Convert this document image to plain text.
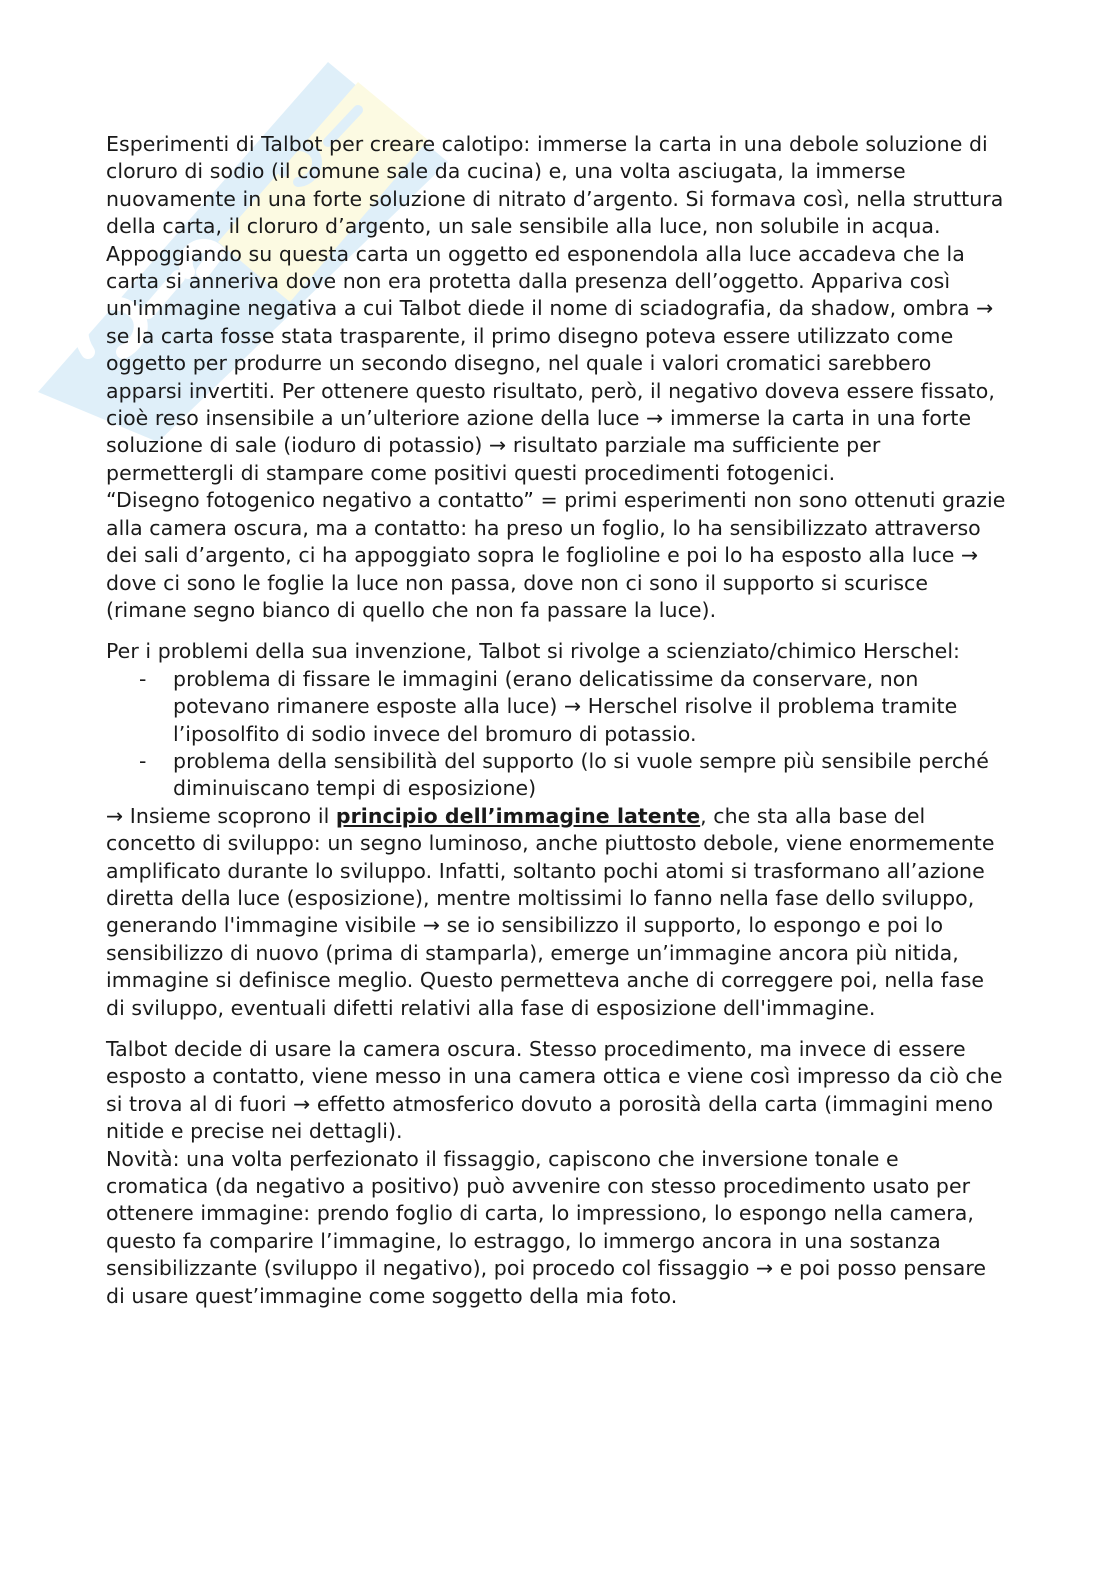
Esperimenti di Talbot per creare calotipo: immerse la carta in una debole soluzione di cloruro di sodio (il comune sale da cucina) e, una volta asciugata, la immerse nuovamente in una forte soluzione di nitrato d’argento. Si formava così, nella struttura della carta, il cloruro d’argento, un sale sensibile alla luce, non solubile in acqua. Appoggiando su questa carta un oggetto ed esponendola alla luce accadeva che la carta si anneriva dove non era protetta dalla presenza dell’oggetto. Appariva così un'immagine negativa a cui Talbot diede il nome di sciadografia, da shadow, ombra → se la carta fosse stata trasparente, il primo disegno poteva essere utilizzato come oggetto per produrre un secondo disegno, nel quale i valori cromatici sarebbero apparsi invertiti. Per ottenere questo risultato, però, il negativo doveva essere fissato, cioè reso insensibile a un’ulteriore azione della luce → immerse la carta in una forte soluzione di sale (ioduro di potassio) → risultato parziale ma sufficiente per permettergli di stampare come positivi questi procedimenti fotogenici.

“Disegno fotogenico negativo a contatto” = primi esperimenti non sono ottenuti grazie alla camera oscura, ma a contatto: ha preso un foglio, lo ha sensibilizzato attraverso dei sali d’argento, ci ha appoggiato sopra le foglioline e poi lo ha esposto alla luce → dove ci sono le foglie la luce non passa, dove non ci sono il supporto si scurisce (rimane segno bianco di quello che non fa passare la luce).

Per i problemi della sua invenzione, Talbot si rivolge a scienziato/chimico Herschel:

- problema di fissare le immagini (erano delicatissime da conservare, non potevano rimanere esposte alla luce) → Herschel risolve il problema tramite l’iposolfito di sodio invece del bromuro di potassio.
- problema della sensibilità del supporto (lo si vuole sempre più sensibile perché diminuiscano tempi di esposizione)

→ Insieme scoprono il principio dell’immagine latente, che sta alla base del concetto di sviluppo: un segno luminoso, anche piuttosto debole, viene enormemente amplificato durante lo sviluppo. Infatti, soltanto pochi atomi si trasformano all’azione diretta della luce (esposizione), mentre moltissimi lo fanno nella fase dello sviluppo, generando l'immagine visibile → se io sensibilizzo il supporto, lo espongo e poi lo sensibilizzo di nuovo (prima di stamparla), emerge un’immagine ancora più nitida, immagine si definisce meglio. Questo permetteva anche di correggere poi, nella fase di sviluppo, eventuali difetti relativi alla fase di esposizione dell'immagine.

Talbot decide di usare la camera oscura. Stesso procedimento, ma invece di essere esposto a contatto, viene messo in una camera ottica e viene così impresso da ciò che si trova al di fuori → effetto atmosferico dovuto a porosità della carta (immagini meno nitide e precise nei dettagli).

Novità: una volta perfezionato il fissaggio, capiscono che inversione tonale e cromatica (da negativo a positivo) può avvenire con stesso procedimento usato per ottenere immagine: prendo foglio di carta, lo impressiono, lo espongo nella camera, questo fa comparire l’immagine, lo estraggo, lo immergo ancora in una sostanza sensibilizzante (sviluppo il negativo), poi procedo col fissaggio → e poi posso pensare di usare quest’immagine come soggetto della mia foto.
